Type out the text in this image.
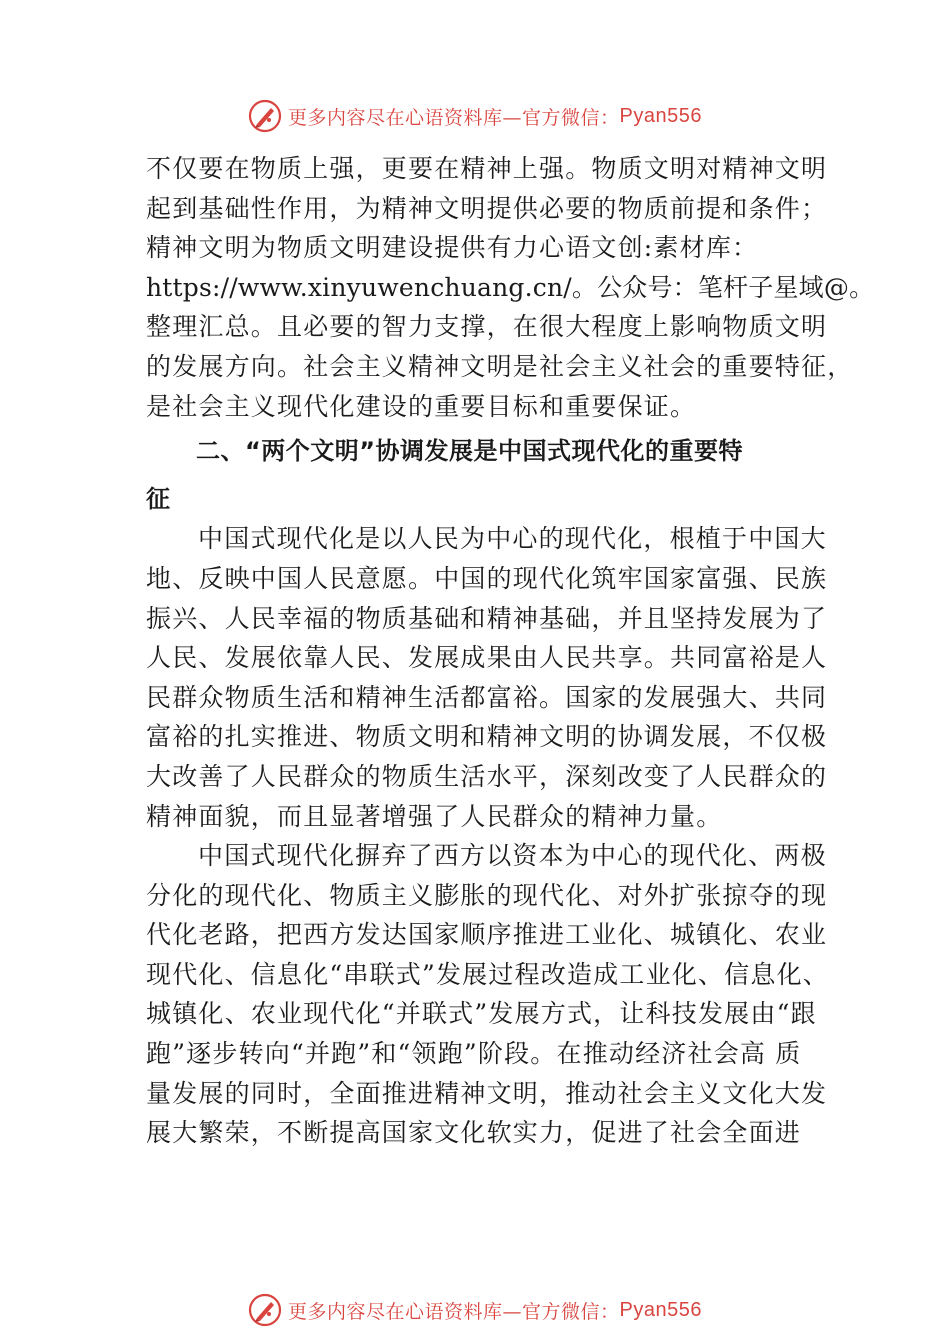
更多内容尽在心语资料库—官方微信： Pyan556
不仅要在物质上强，更要在精神上强。物质文明对精神文明
起到基础性作用，为精神文明提供必要的物质前提和条件；
精神文明为物质文明建设提供有力心语文创:素材库：
https://www.xinyuwenchuang.cn/。公众号：笔杆子星域@。
整理汇总。且必要的智力支撑，在很大程度上影响物质文明
的发展方向。社会主义精神文明是社会主义社会的重要特征，
是社会主义现代化建设的重要目标和重要保证。
二、“两个文明”协调发展是中国式现代化的重要特
征
中国式现代化是以人民为中心的现代化，根植于中国大
地、反映中国人民意愿。中国的现代化筑牢国家富强、民族
振兴、人民幸福的物质基础和精神基础，并且坚持发展为了
人民、发展依靠人民、发展成果由人民共享。共同富裕是人
民群众物质生活和精神生活都富裕。国家的发展强大、共同
富裕的扎实推进、物质文明和精神文明的协调发展，不仅极
大改善了人民群众的物质生活水平，深刻改变了人民群众的
精神面貌，而且显著增强了人民群众的精神力量。
中国式现代化摒弃了西方以资本为中心的现代化、两极
分化的现代化、物质主义膨胀的现代化、对外扩张掠夺的现
代化老路，把西方发达国家顺序推进工业化、城镇化、农业
现代化、信息化“串联式”发展过程改造成工业化、信息化、
城镇化、农业现代化“并联式”发展方式，让科技发展由“跟
跑”逐步转向“并跑”和“领跑”阶段。在推动经济社会高 质
量发展的同时，全面推进精神文明，推动社会主义文化大发
展大繁荣，不断提高国家文化软实力，促进了社会全面进
更多内容尽在心语资料库—官方微信： Pyan556
